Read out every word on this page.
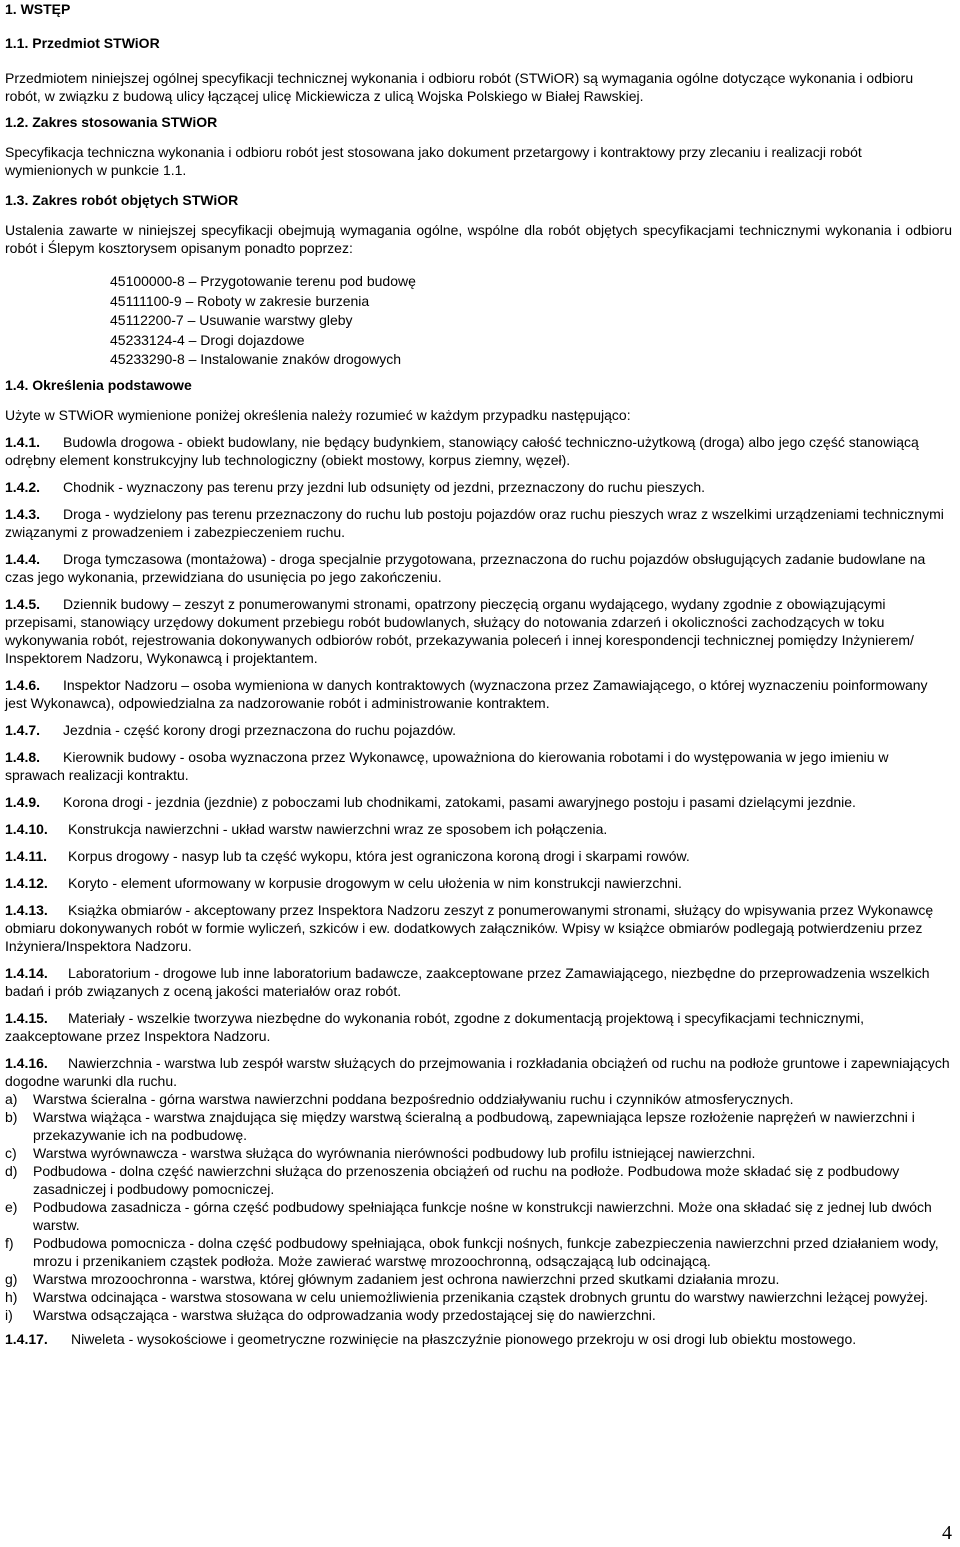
1. WSTĘP
1.1. Przedmiot STWiOR

Przedmiotem niniejszej ogólnej specyfikacji technicznej wykonania i odbioru robót (STWiOR) są wymagania ogólne dotyczące wykonania i odbioru robót, w związku z budową ulicy łączącej ulicę Mickiewicza z ulicą Wojska Polskiego w Białej Rawskiej.

1.2. Zakres stosowania STWiOR

Specyfikacja techniczna wykonania i odbioru robót jest stosowana jako dokument przetargowy i kontraktowy przy zlecaniu i realizacji robót wymienionych w punkcie 1.1.

1.3. Zakres robót objętych STWiOR

Ustalenia zawarte w niniejszej specyfikacji obejmują wymagania ogólne, wspólne dla robót objętych specyfikacjami technicznymi wykonania i odbioru robót i Ślepym kosztorysem opisanym ponadto poprzez:

45100000-8 – Przygotowanie terenu pod budowę
45111100-9 – Roboty w zakresie burzenia
45112200-7 – Usuwanie warstwy gleby
45233124-4 – Drogi dojazdowe
45233290-8 – Instalowanie znaków drogowych
1.4. Określenia podstawowe

Użyte w STWiOR wymienione poniżej określenia należy rozumieć w każdym przypadku następująco:

1.4.1. Budowla drogowa - obiekt budowlany, nie będący budynkiem, stanowiący całość techniczno-użytkową (droga) albo jego część stanowiącą odrębny element konstrukcyjny lub technologiczny (obiekt mostowy, korpus ziemny, węzeł).
1.4.2. Chodnik - wyznaczony pas terenu przy jezdni lub odsunięty od jezdni, przeznaczony do ruchu pieszych.
1.4.3. Droga - wydzielony pas terenu przeznaczony do ruchu lub postoju pojazdów oraz ruchu pieszych wraz z wszelkimi urządzeniami technicznymi związanymi z prowadzeniem i zabezpieczeniem ruchu.
1.4.4. Droga tymczasowa (montażowa) - droga specjalnie przygotowana, przeznaczona do ruchu pojazdów obsługujących zadanie budowlane na czas jego wykonania, przewidziana do usunięcia po jego zakończeniu.
1.4.5. Dziennik budowy – zeszyt z ponumerowanymi stronami, opatrzony pieczęcią organu wydającego, wydany zgodnie z obowiązującymi przepisami, stanowiący urzędowy dokument przebiegu robót budowlanych, służący do notowania zdarzeń i okoliczności zachodzących w toku wykonywania robót, rejestrowania dokonywanych odbiorów robót, przekazywania poleceń i innej korespondencji technicznej pomiędzy Inżynierem/ Inspektorem Nadzoru, Wykonawcą i projektantem.
1.4.6. Inspektor Nadzoru – osoba wymieniona w danych kontraktowych (wyznaczona przez Zamawiającego, o której wyznaczeniu poinformowany jest Wykonawca), odpowiedzialna za nadzorowanie robót i administrowanie kontraktem.
1.4.7. Jezdnia - część korony drogi przeznaczona do ruchu pojazdów.
1.4.8. Kierownik budowy - osoba wyznaczona przez Wykonawcę, upoważniona do kierowania robotami i do występowania w jego imieniu w sprawach realizacji kontraktu.
1.4.9. Korona drogi - jezdnia (jezdnie) z poboczami lub chodnikami, zatokami, pasami awaryjnego postoju i pasami dzielącymi jezdnie.
1.4.10. Konstrukcja nawierzchni - układ warstw nawierzchni wraz ze sposobem ich połączenia.
1.4.11. Korpus drogowy - nasyp lub ta część wykopu, która jest ograniczona koroną drogi i skarpami rowów.
1.4.12. Koryto - element uformowany w korpusie drogowym w celu ułożenia w nim konstrukcji nawierzchni.
1.4.13. Książka obmiarów - akceptowany przez Inspektora Nadzoru zeszyt z ponumerowanymi stronami, służący do wpisywania przez Wykonawcę obmiaru dokonywanych robót w formie wyliczeń, szkiców i ew. dodatkowych załączników. Wpisy w książce obmiarów podlegają potwierdzeniu przez Inżyniera/Inspektora Nadzoru.
1.4.14. Laboratorium - drogowe lub inne laboratorium badawcze, zaakceptowane przez Zamawiającego, niezbędne do przeprowadzenia wszelkich badań i prób związanych z oceną jakości materiałów oraz robót.
1.4.15. Materiały - wszelkie tworzywa niezbędne do wykonania robót, zgodne z dokumentacją projektową i specyfikacjami technicznymi, zaakceptowane przez Inspektora Nadzoru.
1.4.16. Nawierzchnia - warstwa lub zespół warstw służących do przejmowania i rozkładania obciążeń od ruchu na podłoże gruntowe i zapewniających dogodne warunki dla ruchu.
a) Warstwa ścieralna - górna warstwa nawierzchni poddana bezpośrednio oddziaływaniu ruchu i czynników atmosferycznych.
b) Warstwa wiążąca - warstwa znajdująca się między warstwą ścieralną a podbudową, zapewniająca lepsze rozłożenie naprężeń w nawierzchni i przekazywanie ich na podbudowę.
c) Warstwa wyrównawcza - warstwa służąca do wyrównania nierówności podbudowy lub profilu istniejącej nawierzchni.
d) Podbudowa - dolna część nawierzchni służąca do przenoszenia obciążeń od ruchu na podłoże. Podbudowa może składać się z podbudowy zasadniczej i podbudowy pomocniczej.
e) Podbudowa zasadnicza - górna część podbudowy spełniająca funkcje nośne w konstrukcji nawierzchni. Może ona składać się z jednej lub dwóch warstw.
f) Podbudowa pomocnicza - dolna część podbudowy spełniająca, obok funkcji nośnych, funkcje zabezpieczenia nawierzchni przed działaniem wody, mrozu i przenikaniem cząstek podłoża. Może zawierać warstwę mrozoochronną, odsączającą lub odcinającą.
g) Warstwa mrozoochronna - warstwa, której głównym zadaniem jest ochrona nawierzchni przed skutkami działania mrozu.
h) Warstwa odcinająca - warstwa stosowana w celu uniemożliwienia przenikania cząstek drobnych gruntu do warstwy nawierzchni leżącej powyżej.
i) Warstwa odsączająca - warstwa służąca do odprowadzania wody przedostającej się do nawierzchni.
1.4.17. Niweleta - wysokościowe i geometryczne rozwinięcie na płaszczyźnie pionowego przekroju w osi drogi lub obiektu mostowego.
4
